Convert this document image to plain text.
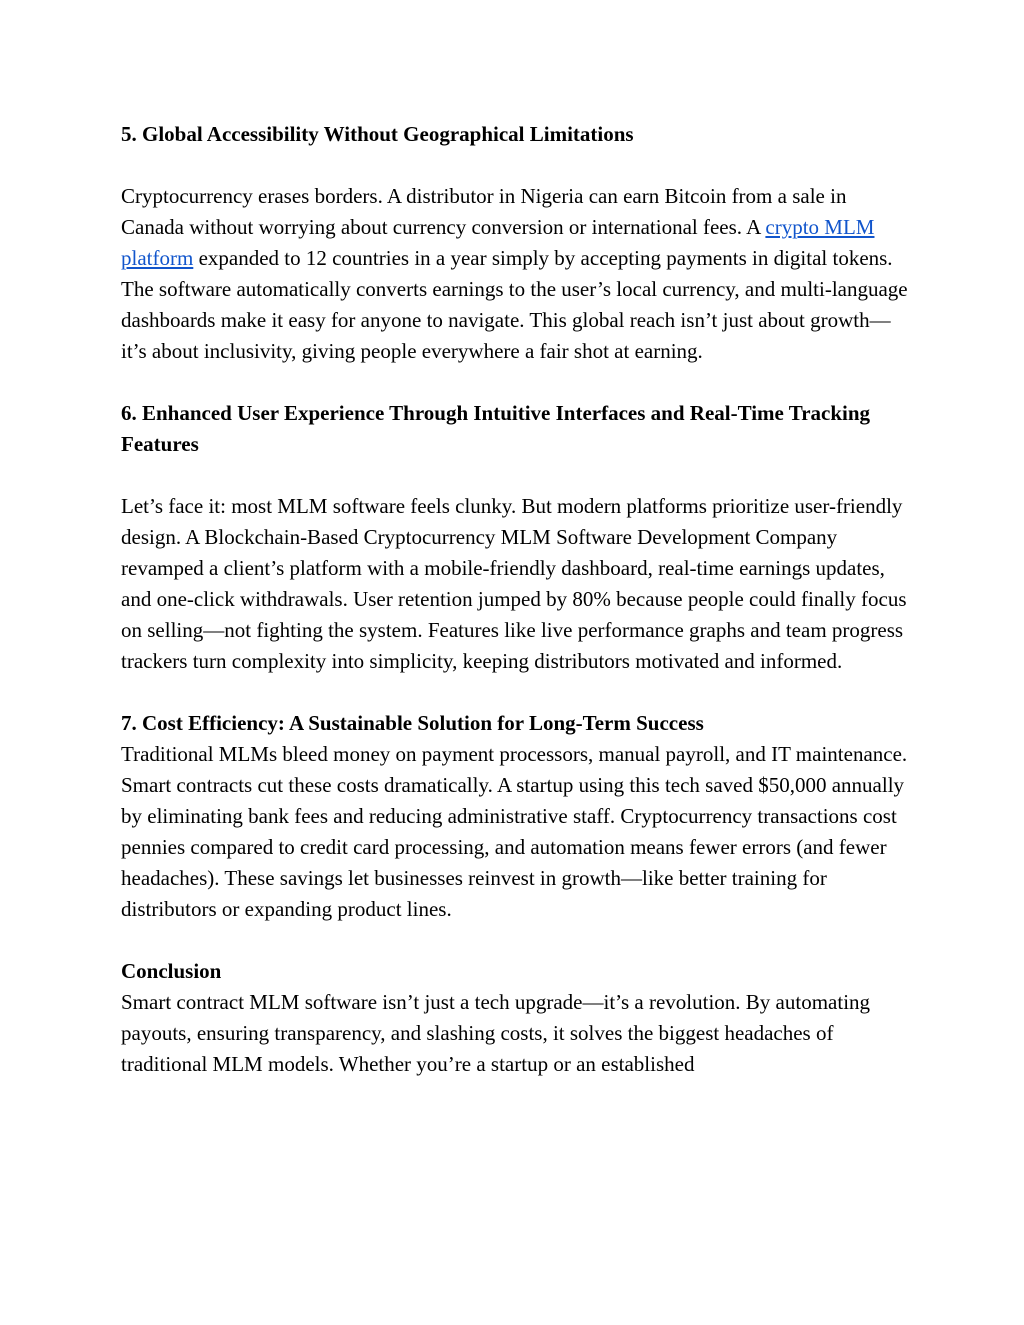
5. Global Accessibility Without Geographical Limitations

Cryptocurrency erases borders. A distributor in Nigeria can earn Bitcoin from a sale in Canada without worrying about currency conversion or international fees. A crypto MLM platform expanded to 12 countries in a year simply by accepting payments in digital tokens. The software automatically converts earnings to the user’s local currency, and multi-language dashboards make it easy for anyone to navigate. This global reach isn’t just about growth—it’s about inclusivity, giving people everywhere a fair shot at earning.

6. Enhanced User Experience Through Intuitive Interfaces and Real-Time Tracking Features

Let’s face it: most MLM software feels clunky. But modern platforms prioritize user-friendly design. A Blockchain-Based Cryptocurrency MLM Software Development Company revamped a client’s platform with a mobile-friendly dashboard, real-time earnings updates, and one-click withdrawals. User retention jumped by 80% because people could finally focus on selling—not fighting the system. Features like live performance graphs and team progress trackers turn complexity into simplicity, keeping distributors motivated and informed.

7. Cost Efficiency: A Sustainable Solution for Long-Term Success

Traditional MLMs bleed money on payment processors, manual payroll, and IT maintenance. Smart contracts cut these costs dramatically. A startup using this tech saved $50,000 annually by eliminating bank fees and reducing administrative staff. Cryptocurrency transactions cost pennies compared to credit card processing, and automation means fewer errors (and fewer headaches). These savings let businesses reinvest in growth—like better training for distributors or expanding product lines.

Conclusion

Smart contract MLM software isn’t just a tech upgrade—it’s a revolution. By automating payouts, ensuring transparency, and slashing costs, it solves the biggest headaches of traditional MLM models. Whether you’re a startup or an established
